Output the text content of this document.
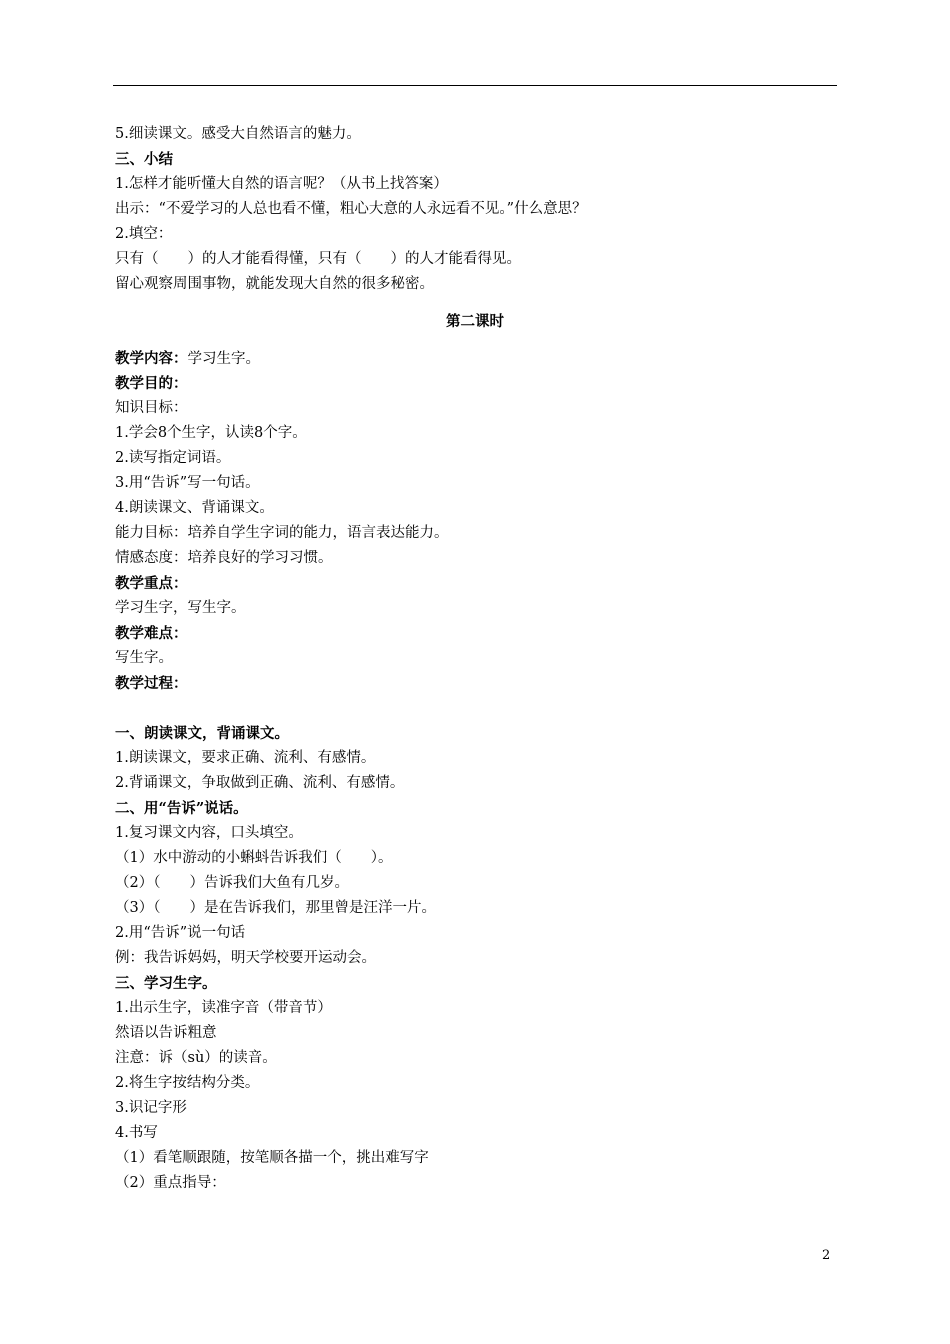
5.细读课文。感受大自然语言的魅力。
三、小结
1.怎样才能听懂大自然的语言呢？（从书上找答案）
出示：“不爱学习的人总也看不懂，粗心大意的人永远看不见。”什么意思？
2.填空：
只有（　　）的人才能看得懂，只有（　　）的人才能看得见。
留心观察周围事物，就能发现大自然的很多秘密。
第二课时
教学内容：学习生字。
教学目的：
知识目标：
1.学会8个生字，认读8个字。
2.读写指定词语。
3.用“告诉”写一句话。
4.朗读课文、背诵课文。
能力目标：培养自学生字词的能力，语言表达能力。
情感态度：培养良好的学习习惯。
教学重点：
学习生字，写生字。
教学难点：
写生字。
教学过程：
一、朗读课文，背诵课文。
1.朗读课文，要求正确、流利、有感情。
2.背诵课文，争取做到正确、流利、有感情。
二、用“告诉”说话。
1.复习课文内容，口头填空。
（1）水中游动的小蝌蚪告诉我们（　　）。
（2）（　　）告诉我们大鱼有几岁。
（3）（　　）是在告诉我们，那里曾是汪洋一片。
2.用“告诉”说一句话
例：我告诉妈妈，明天学校要开运动会。
三、学习生字。
1.出示生字，读准字音（带音节）
然语以告诉粗意
注意：诉（sù）的读音。
2.将生字按结构分类。
3.识记字形
4.书写
（1）看笔顺跟随，按笔顺各描一个，挑出难写字
（2）重点指导：
2
